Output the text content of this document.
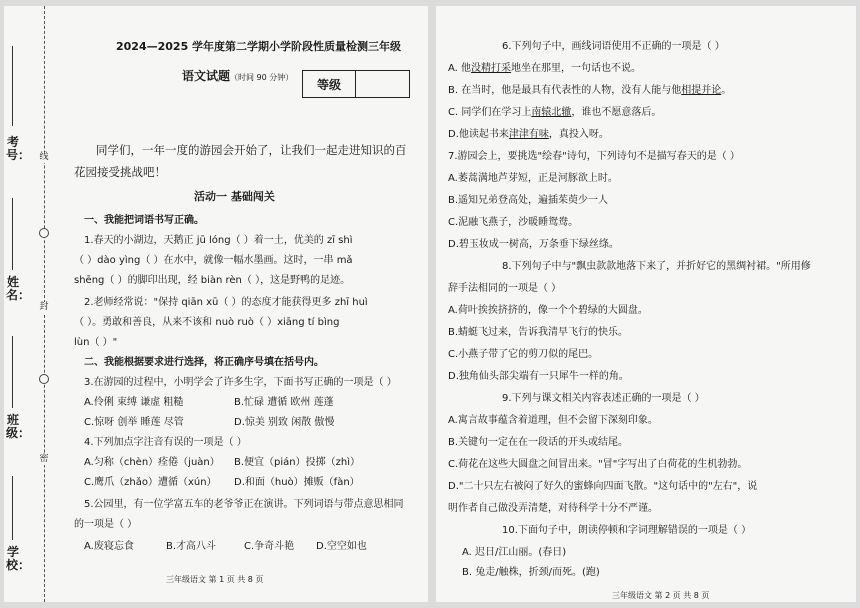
考号： 线
姓名：
封
班级：
密
学校：
2024—2025 学年度第二学期小学阶段性质量检测三年级
语文试题（时间 90 分钟）	等级
同学们，一年一度的游园会开始了，让我们一起走进知识的百
花园接受挑战吧！
活动一 基础闯关
一、我能把词语书写正确。
1.春天的小湖边，天鹅正 jū lóng（ ）着一土，优美的 zī shì
（ ）dào yìng（ ）在水中，就像一幅水墨画。这时，一串 mǎ
shēng（ ）的脚印出现，经 biàn rèn（ ），这是野鸭的足迹。
2.老师经常说："保持 qiān xū（ ）的态度才能获得更多 zhī huì
（ ）。勇敢和善良，从来不该和 nuò ruò（ ）xiāng tí bìng
lùn（ ）"
二、我能根据要求进行选择，将正确序号填在括号内。
3.在游园的过程中，小明学会了许多生字，下面书写正确的一项是（ ）
A.伶俐 束缚 谦虚 粗糙	B.忙碌 遭循 欧州 莲蓬
C.惊呀 创举 睡莲 尽管	D.惊美 别致 闲散 傲慢
4.下列加点字注音有误的一项是（ ）
A.匀称（chèn）痊倦（juàn） B.便宜（pián）投掷（zhì）
C.鹰爪（zhǎo）遭循（xún） D.和面（huò）摊贩（fàn）
5.公园里，有一位学富五车的老爷爷正在演讲。下列词语与带点意思相同
的一项是（ ）
A.废寝忘食	B.才高八斗	C.争奇斗艳 D.空空如也
三年级语文 第 1 页 共 8 页
6.下列句子中，画线词语使用不正确的一项是（ ）
A. 他没精打采地坐在那里，一句话也不说。
B. 在当时，他是最具有代表性的人物，没有人能与他相提并论。
C. 同学们在学习上南辕北辙，谁也不愿意落后。
D.他读起书来津津有味，真投入呀。
7.游园会上，要挑选"绘春"诗句，下列诗句不是描写春天的是（ ）
A.萎蒿满地芦芽短，正是河豚欲上时。
B.遥知兄弟登高处，遍插茱萸少一人
C.泥融飞燕子，沙暖睡鸳鸯。
D.碧玉妆成一树高，万条垂下绿丝绦。
8.下列句子中与"飘虫款款地落下来了，并折好它的黑绸衬裙。"所用修
辞手法相同的一项是（ ）
A.荷叶挨挨挤挤的，像一个个碧绿的大圆盘。
B.蜻蜓飞过来，告诉我清早飞行的快乐。
C.小燕子带了它的剪刀似的尾巴。
D.独角仙头部尖端有一只犀牛一样的角。
9.下列与课文相关内容表述正确的一项是（ ）
A.寓言故事蕴含着道理，但不会留下深刻印象。
B.关键句一定在在一段话的开头或结尾。
C.荷花在这些大圆盘之间冒出来。"冒"字写出了白荷花的生机勃勃。
D."二十只左右被闷了好久的蜜蜂向四面飞散。"这句话中的"左右"，说
明作者自己做没弄清楚，对待科学十分不严谨。
10.下面句子中，朗读停顿和字词理解错误的一项是（ ）
A. 迟日/江山丽。(春日)
B. 兔走/触株，折颈/而死。(跑)
三年级语文 第 2 页 共 8 页
